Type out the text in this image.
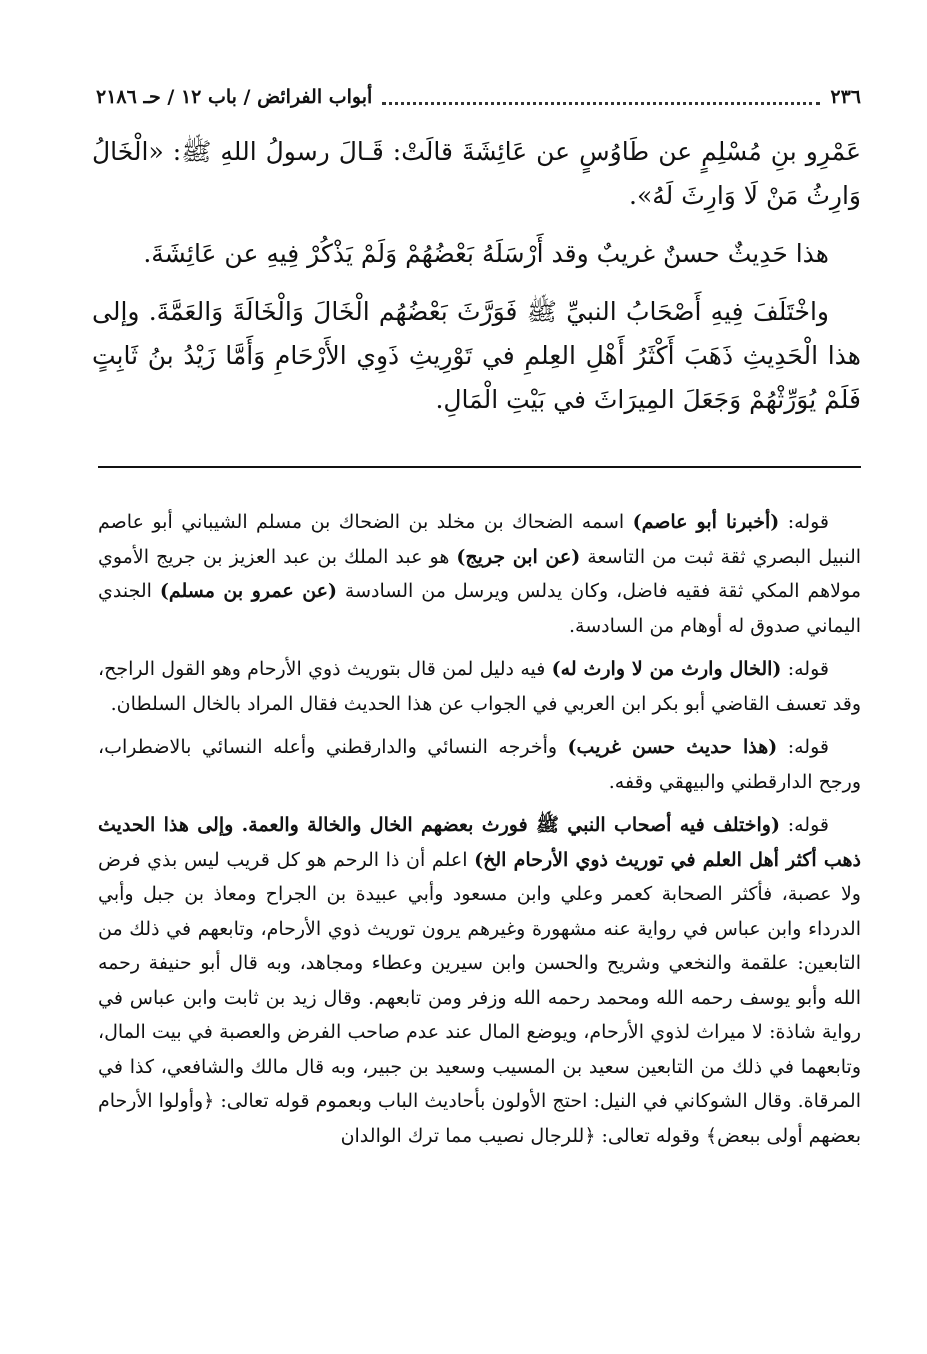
٢٣٦
أبواب الفرائض / باب ١٢ / حـ ٢١٨٦

عَمْرِو بنِ مُسْلِمٍ عن طَاوُسٍ عن عَائِشَةَ قالَتْ: قَـالَ رسولُ اللهِ ﷺ: «الْخَالُ وَارِثُ مَنْ لَا وَارِثَ لَهُ».

هذا حَدِيثٌ حسنٌ غريبٌ وقد أَرْسَلَهُ بَعْضُهُمْ وَلَمْ يَذْكُرْ فِيهِ عن عَائِشَةَ.

واخْتَلَفَ فِيهِ أَصْحَابُ النبيِّ ﷺ فَوَرَّثَ بَعْضُهُم الْخَالَ وَالْخَالَةَ وَالعَمَّةَ. وإلى هذا الْحَدِيثِ ذَهَبَ أَكْثَرُ أَهْلِ العِلمِ في تَوْرِيثِ ذَوِي الأَرْحَامِ وَأَمَّا زَيْدُ بنُ ثَابِتٍ فَلَمْ يُوَرِّثْهُمْ وَجَعَلَ المِيرَاثَ في بَيْتِ الْمَالِ.

قوله: (أخبرنا أبو عاصم) اسمه الضحاك بن مخلد بن الضحاك بن مسلم الشيباني أبو عاصم النبيل البصري ثقة ثبت من التاسعة (عن ابن جريج) هو عبد الملك بن عبد العزيز بن جريج الأموي مولاهم المكي ثقة فقيه فاضل، وكان يدلس ويرسل من السادسة (عن عمرو بن مسلم) الجندي اليماني صدوق له أوهام من السادسة.

قوله: (الخال وارث من لا وارث له) فيه دليل لمن قال بتوريث ذوي الأرحام وهو القول الراجح، وقد تعسف القاضي أبو بكر ابن العربي في الجواب عن هذا الحديث فقال المراد بالخال السلطان.

قوله: (هذا حديث حسن غريب) وأخرجه النسائي والدارقطني وأعله النسائي بالاضطراب، ورجح الدارقطني والبيهقي وقفه.

قوله: (واختلف فيه أصحاب النبي ﷺ فورث بعضهم الخال والخالة والعمة. وإلى هذا الحديث ذهب أكثر أهل العلم في توريث ذوي الأرحام الخ) اعلم أن ذا الرحم هو كل قريب ليس بذي فرض ولا عصبة، فأكثر الصحابة كعمر وعلي وابن مسعود وأبي عبيدة بن الجراح ومعاذ بن جبل وأبي الدرداء وابن عباس في رواية عنه مشهورة وغيرهم يرون توريث ذوي الأرحام، وتابعهم في ذلك من التابعين: علقمة والنخعي وشريح والحسن وابن سيرين وعطاء ومجاهد، وبه قال أبو حنيفة رحمه الله وأبو يوسف رحمه الله ومحمد رحمه الله وزفر ومن تابعهم. وقال زيد بن ثابت وابن عباس في رواية شاذة: لا ميراث لذوي الأرحام، ويوضع المال عند عدم صاحب الفرض والعصبة في بيت المال، وتابعهما في ذلك من التابعين سعيد بن المسيب وسعيد بن جبير، وبه قال مالك والشافعي، كذا في المرقاة. وقال الشوكاني في النيل: احتج الأولون بأحاديث الباب وبعموم قوله تعالى: ﴿وأولوا الأرحام بعضهم أولى ببعض﴾ وقوله تعالى: ﴿للرجال نصيب مما ترك الوالدان
